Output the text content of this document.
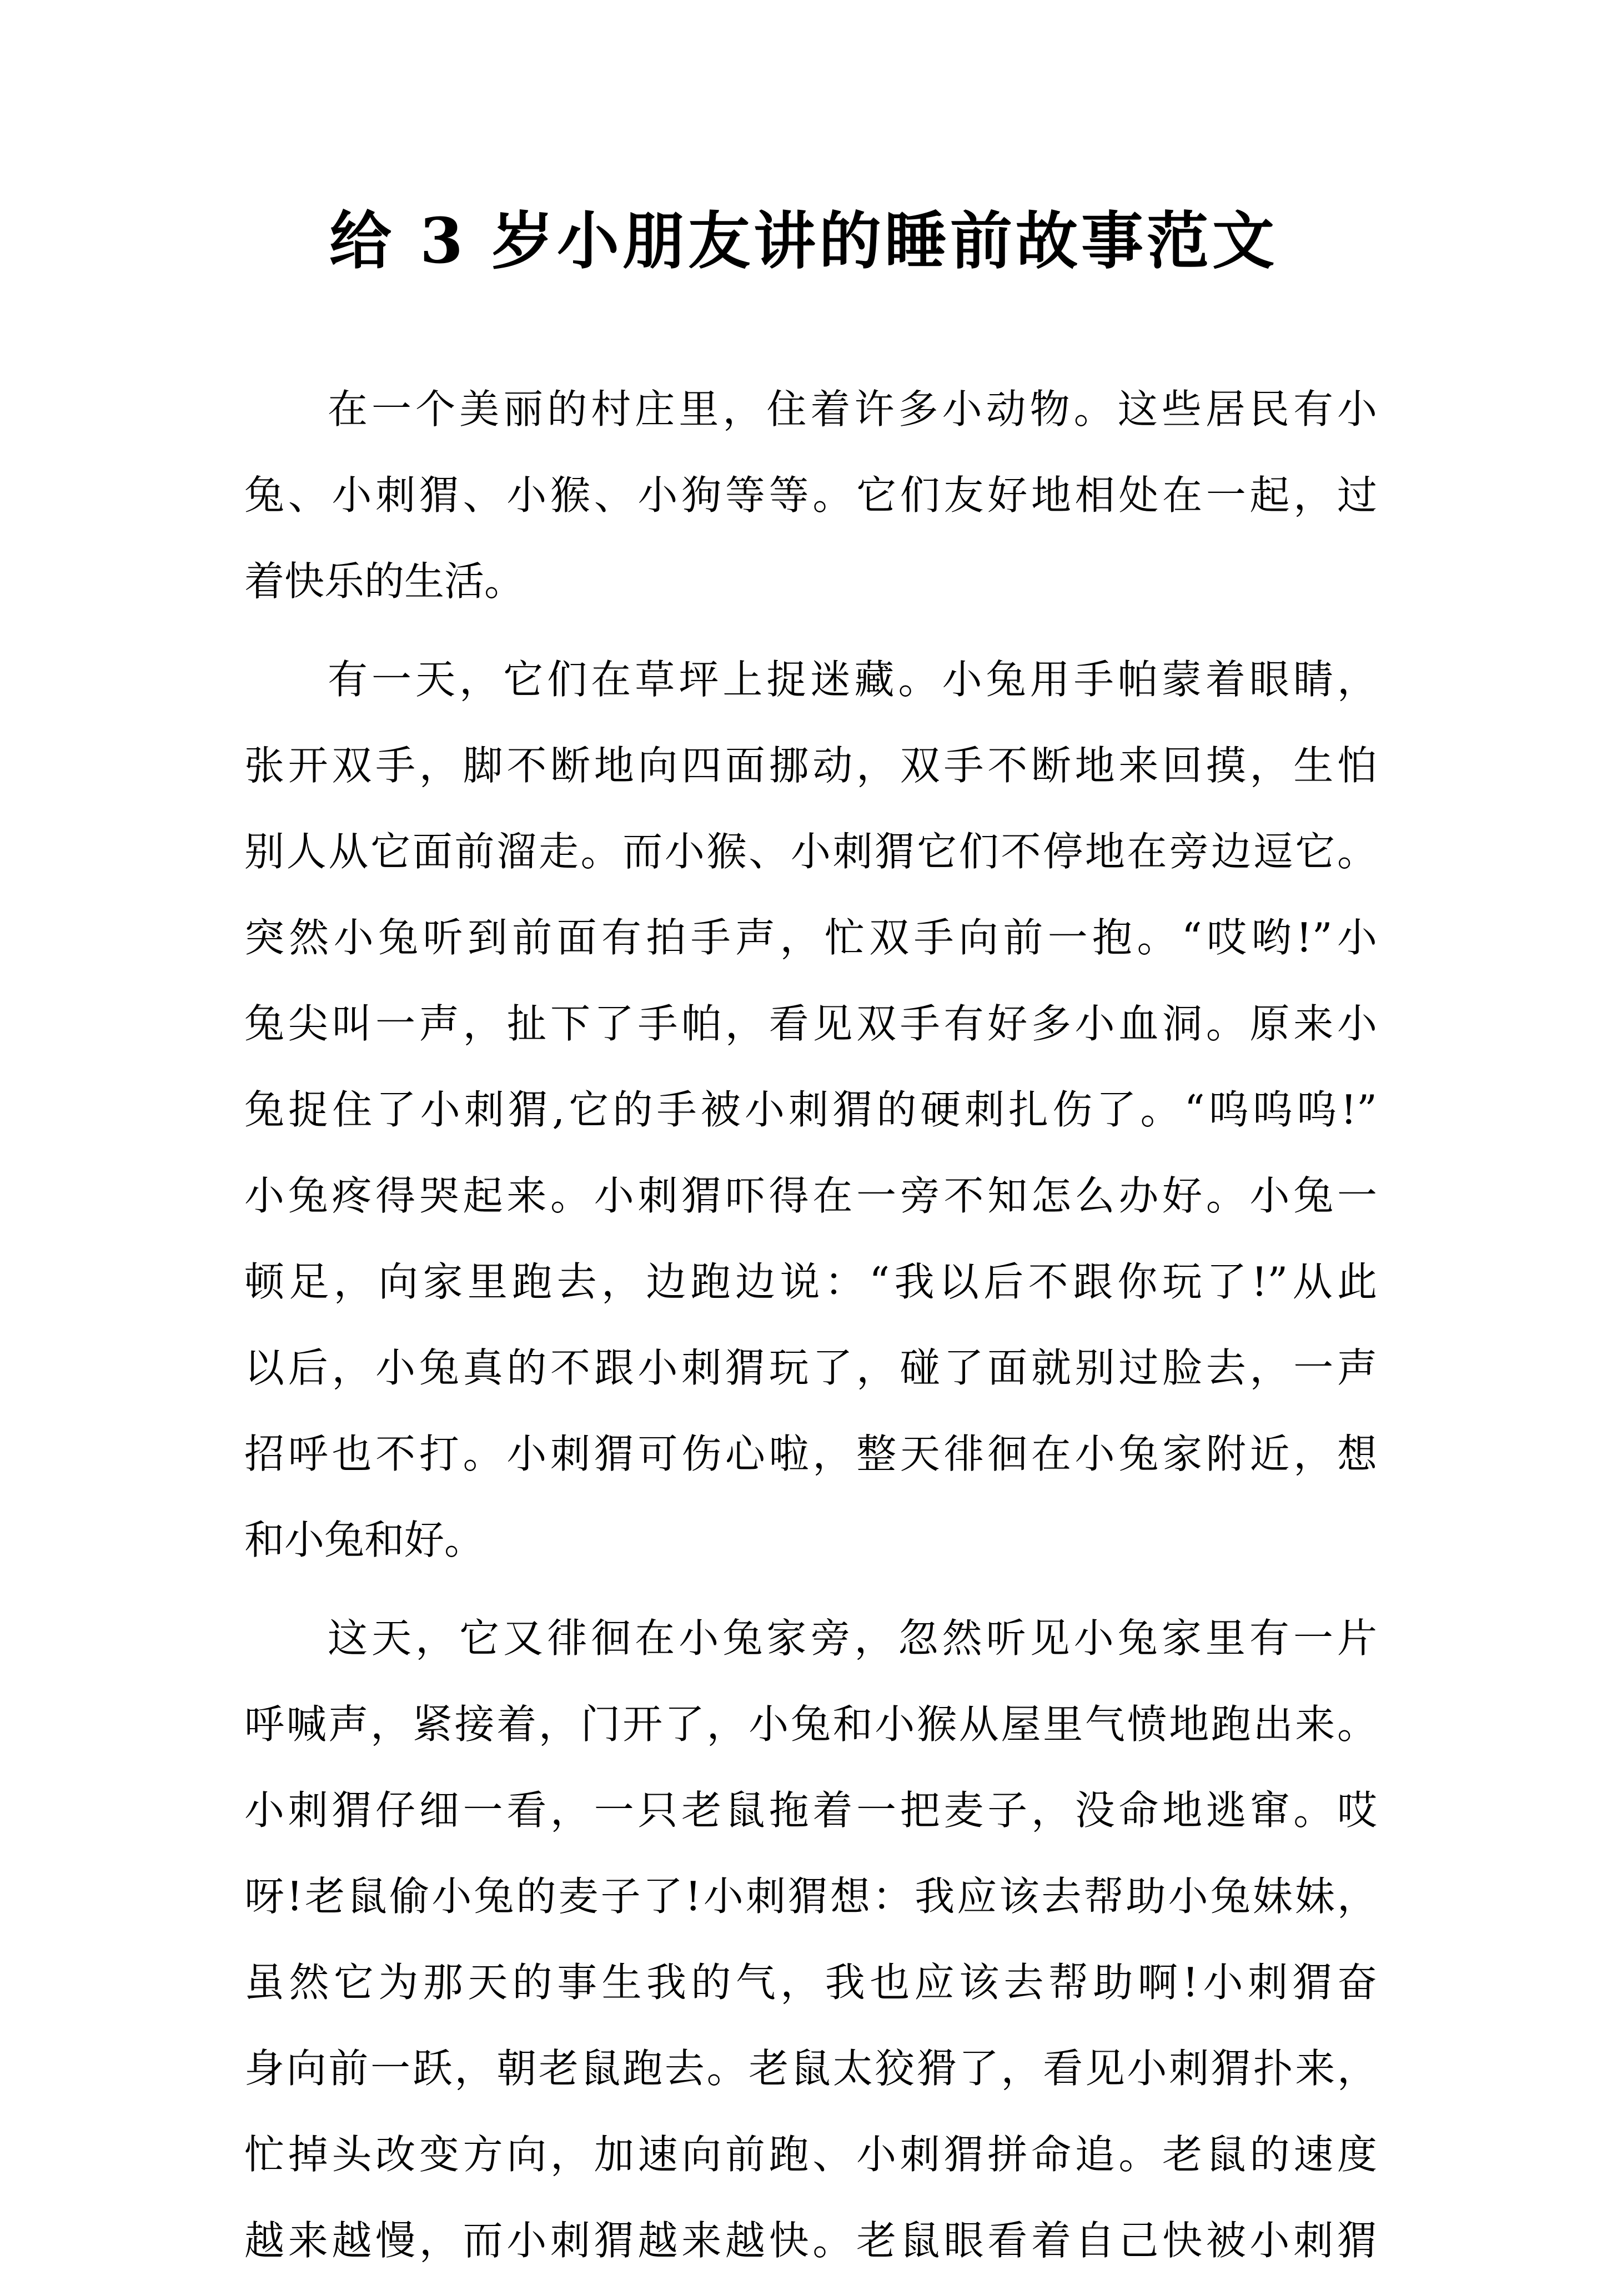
给 3 岁小朋友讲的睡前故事范文
在一个美丽的村庄里，住着许多小动物。这些居民有小
兔、小刺猬、小猴、小狗等等。它们友好地相处在一起，过
着快乐的生活。
有一天，它们在草坪上捉迷藏。小兔用手帕蒙着眼睛，
张开双手，脚不断地向四面挪动，双手不断地来回摸，生怕
别人从它面前溜走。而小猴、小刺猬它们不停地在旁边逗它。
突然小兔听到前面有拍手声，忙双手向前一抱。“哎哟!”小
兔尖叫一声，扯下了手帕，看见双手有好多小血洞。原来小
兔捉住了小刺猬,它的手被小刺猬的硬刺扎伤了。“呜呜呜!”
小兔疼得哭起来。小刺猬吓得在一旁不知怎么办好。小兔一
顿足，向家里跑去，边跑边说：“我以后不跟你玩了!”从此
以后，小兔真的不跟小刺猬玩了，碰了面就别过脸去，一声
招呼也不打。小刺猬可伤心啦，整天徘徊在小兔家附近，想
和小兔和好。
这天，它又徘徊在小兔家旁，忽然听见小兔家里有一片
呼喊声，紧接着，门开了，小兔和小猴从屋里气愤地跑出来。
小刺猬仔细一看，一只老鼠拖着一把麦子，没命地逃窜。哎
呀!老鼠偷小兔的麦子了!小刺猬想：我应该去帮助小兔妹妹，
虽然它为那天的事生我的气，我也应该去帮助啊!小刺猬奋
身向前一跃，朝老鼠跑去。老鼠太狡猾了，看见小刺猬扑来，
忙掉头改变方向，加速向前跑、小刺猬拼命追。老鼠的速度
越来越慢，而小刺猬越来越快。老鼠眼看着自己快被小刺猬
